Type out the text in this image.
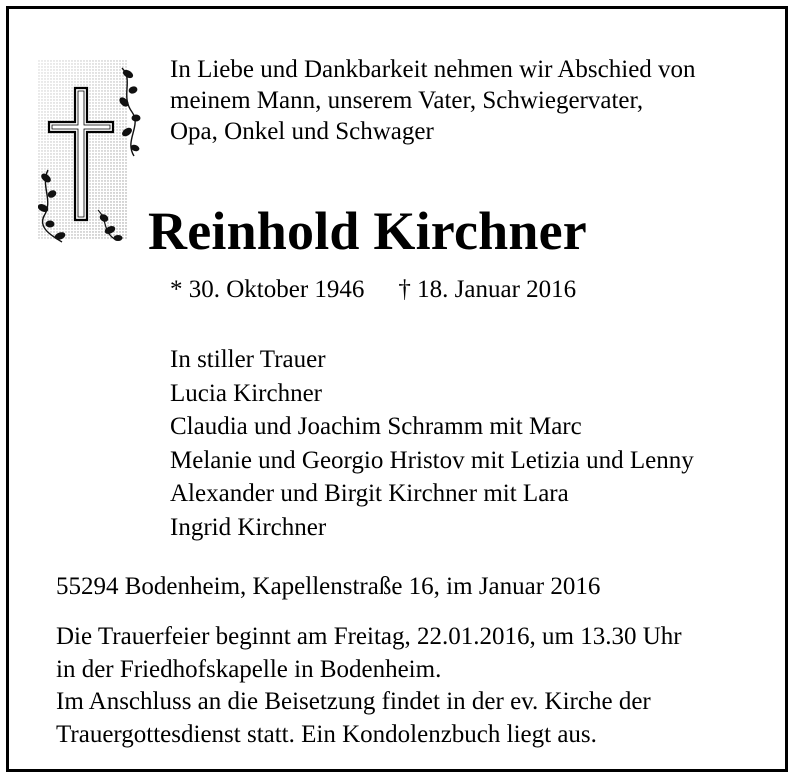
In Liebe und Dankbarkeit nehmen wir Abschied von
meinem Mann, unserem Vater, Schwiegervater,
Opa, Onkel und Schwager
Reinhold Kirchner
* 30. Oktober 1946 † 18. Januar 2016
In stiller Trauer
Lucia Kirchner
Claudia und Joachim Schramm mit Marc
Melanie und Georgio Hristov mit Letizia und Lenny
Alexander und Birgit Kirchner mit Lara
Ingrid Kirchner
55294 Bodenheim, Kapellenstraße 16, im Januar 2016
Die Trauerfeier beginnt am Freitag, 22.01.2016, um 13.30 Uhr
in der Friedhofskapelle in Bodenheim.
Im Anschluss an die Beisetzung findet in der ev. Kirche der
Trauergottesdienst statt. Ein Kondolenzbuch liegt aus.
